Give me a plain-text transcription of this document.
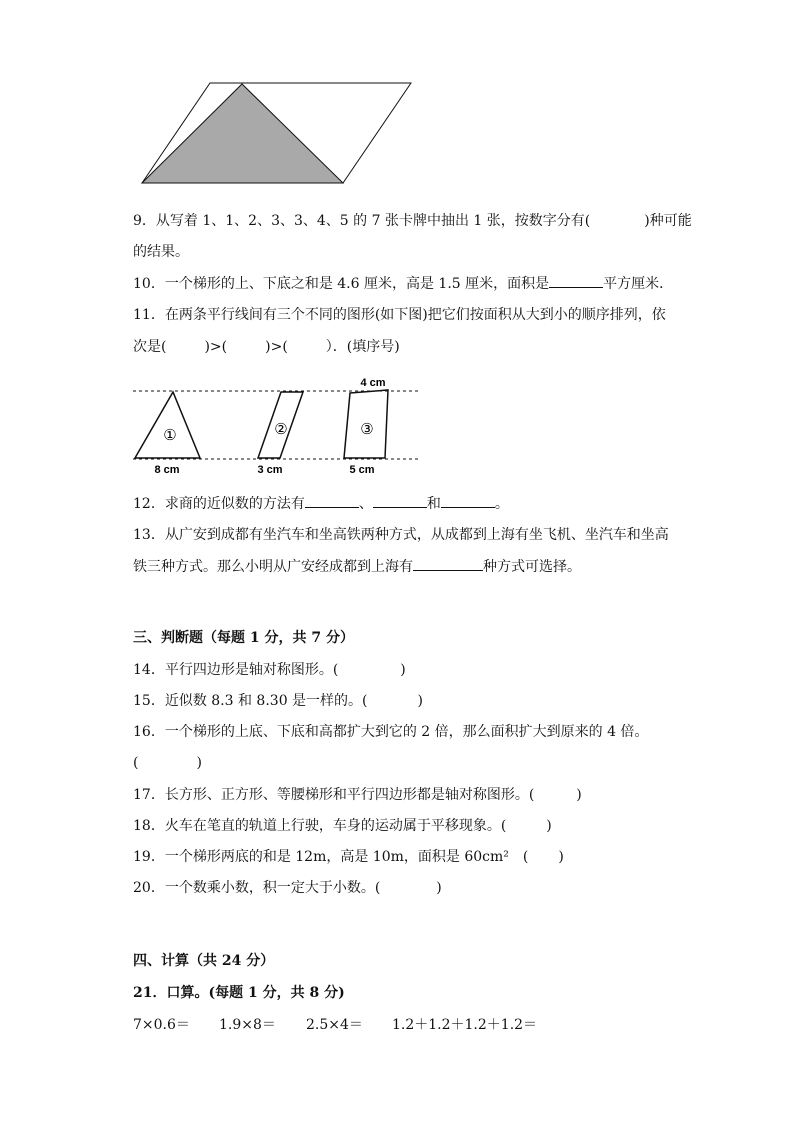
9．从写着 1、1、2、3、3、4、5 的 7 张卡牌中抽出 1 张，按数字分有(	)种可能
的结果。
10．一个梯形的上、下底之和是 4.6 厘米，高是 1.5 厘米，面积是	平方厘米．
11．在两条平行线间有三个不同的图形(如下图)把它们按面积从大到小的顺序排列，依
次是(	)>(	)>(	）．(填序号)
①	②	③
4 cm
8 cm	3 cm	5 cm
12．求商的近似数的方法有	、	和	。
13．从广安到成都有坐汽车和坐高铁两种方式，从成都到上海有坐飞机、坐汽车和坐高
铁三种方式。那么小明从广安经成都到上海有	种方式可选择。
三、判断题（每题 1 分，共 7 分）
14．平行四边形是轴对称图形。(	)
15．近似数 8.3 和 8.30 是一样的。(	)
16．一个梯形的上底、下底和高都扩大到它的 2 倍，那么面积扩大到原来的 4 倍。
(	)
17．长方形、正方形、等腰梯形和平行四边形都是轴对称图形。(	)
18．火车在笔直的轨道上行驶，车身的运动属于平移现象。(	)
19．一个梯形两底的和是 12m，高是 10m，面积是 60cm² ( )
20．一个数乘小数，积一定大于小数。(	)
四、计算（共 24 分）
21．口算。(每题 1 分，共 8 分)
7×0.6＝ 1.9×8＝ 2.5×4＝ 1.2＋1.2＋1.2＋1.2＝
